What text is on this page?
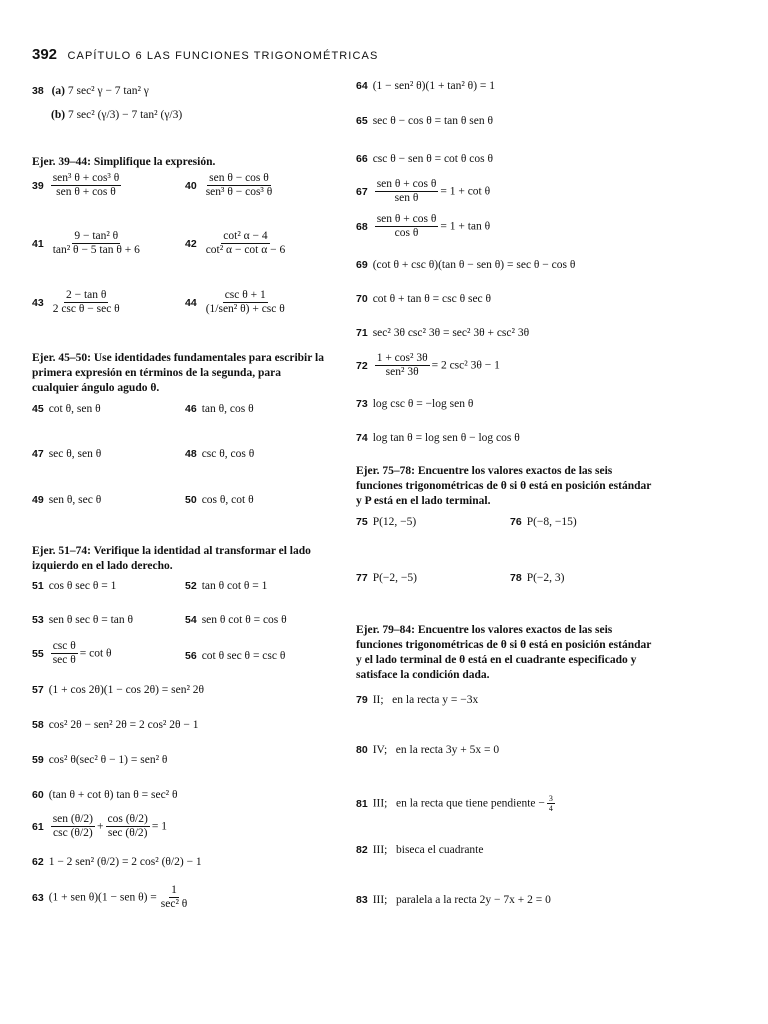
392 CAPÍTULO 6 LAS FUNCIONES TRIGONOMÉTRICAS
38 (a) 7 sec² γ − 7 tan² γ
(b) 7 sec² (γ/3) − 7 tan² (γ/3)
Ejer. 39–44: Simplifique la expresión.
39
sen³ θ + cos³ θ
sen θ + cos θ
40
sen θ − cos θ
sen³ θ − cos³ θ
$41 \frac{\text{9 − tan² θ}}{\text{tan² θ − 5 tan θ + 6}}$	$42 \frac{\text{cot² α − 4}}{\text{cot² α − cot α − 6}}$
43
2 − tan θ
2 csc θ − sec θ
44
csc θ + 1
(1/sen² θ) + csc θ
Ejer. 45–50: Use identidades fundamentales para escribir la primera expresión en términos de la segunda, para cualquier ángulo agudo θ.
45 cot θ, sen θ	46 tan θ, cos θ
47 sec θ, sen θ	48 csc θ, cos θ
49 sen θ, sec θ	50 cos θ, cot θ
Ejer. 51–74: Verifique la identidad al transformar el lado izquierdo en el lado derecho.
51 cos θ sec θ = 1	52 tan θ cot θ = 1
53 sen θ sec θ = tan θ	54 sen θ cot θ = cos θ
55
csc θ
sec θ
= cot θ	56 cot θ sec θ = csc θ
57 (1 + cos 2θ)(1 − cos 2θ) = sen² 2θ
58 cos² 2θ − sen² 2θ = 2 cos² 2θ − 1
59 cos² θ(sec² θ − 1) = sen² θ
60 (tan θ + cot θ) tan θ = sec² θ
61
sen (θ/2)
csc (θ/2)
+
cos (θ/2)
sec (θ/2)
= 1
62 1 − 2 sen² (θ/2) = 2 cos² (θ/2) − 1
63 (1 + sen θ)(1 − sen θ) =
1
sec² θ
64 (1 − sen² θ)(1 + tan² θ) = 1
65 sec θ − cos θ = tan θ sen θ
66 csc θ − sen θ = cot θ cos θ
67
sen θ + cos θ
sen θ
= 1 + cot θ
68
sen θ + cos θ
cos θ
= 1 + tan θ
69 (cot θ + csc θ)(tan θ − sen θ) = sec θ − cos θ
70 cot θ + tan θ = csc θ sec θ
71 sec² 3θ csc² 3θ = sec² 3θ + csc² 3θ
72
1 + cos² 3θ
sen² 3θ
= 2 csc² 3θ − 1
73 log csc θ = −log sen θ
74 log tan θ = log sen θ − log cos θ
Ejer. 75–78: Encuentre los valores exactos de las seis funciones trigonométricas de θ si θ está en posición estándar y P está en el lado terminal.
75 P(12, −5)	76 P(−8, −15)
77 P(−2, −5)	78 P(−2, 3)
Ejer. 79–84: Encuentre los valores exactos de las seis funciones trigonométricas de θ si θ está en posición estándar y el lado terminal de θ está en el cuadrante especificado y satisface la condición dada.
79 II; en la recta y = −3x
80 IV; en la recta 3y + 5x = 0
81 III; en la recta que tiene pendiente − $\frac{3}{4}$
82 III; biseca el cuadrante
83 III; paralela a la recta 2y − 7x + 2 = 0
